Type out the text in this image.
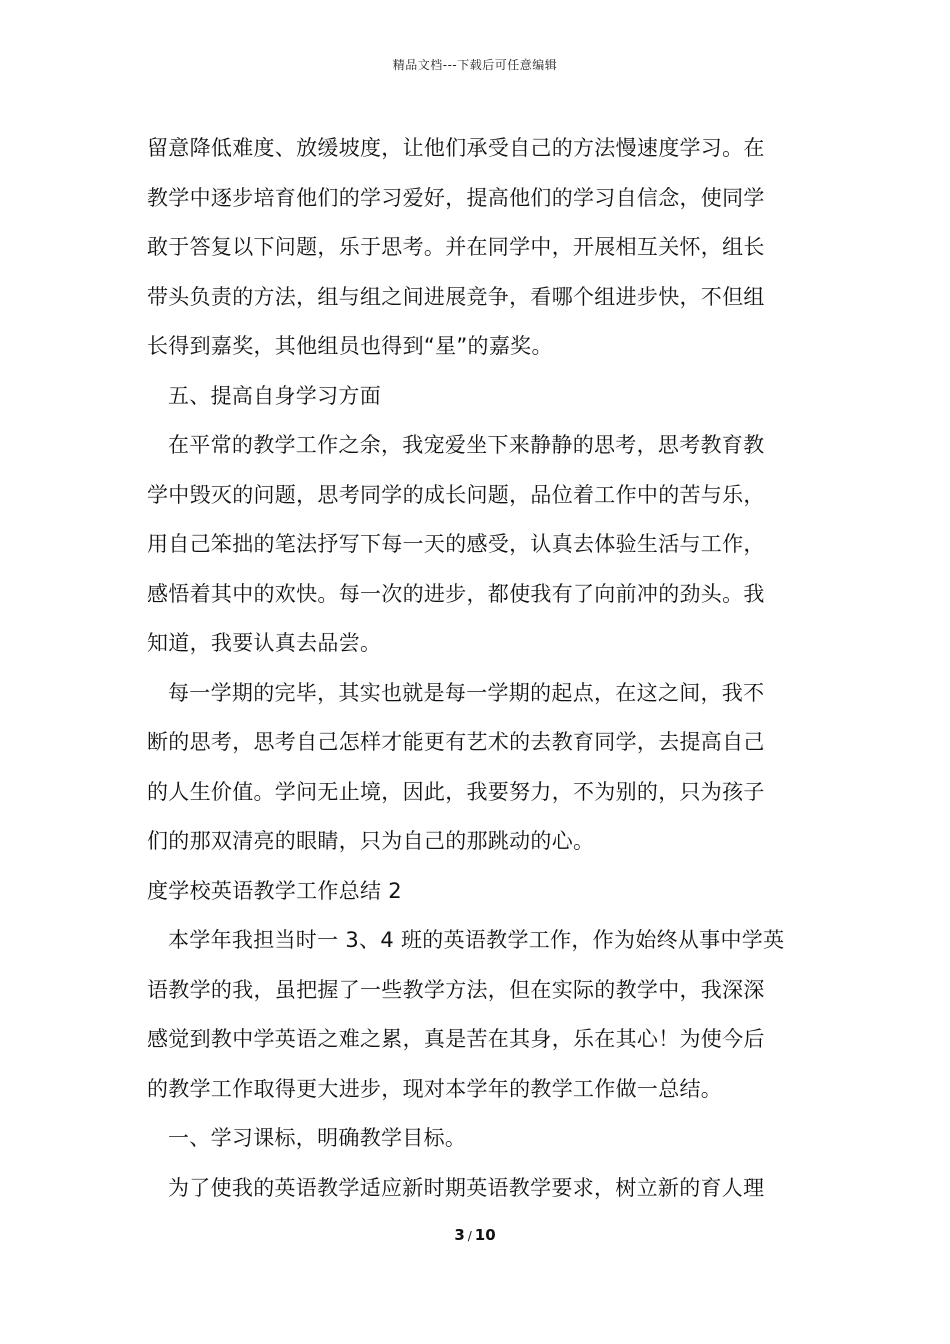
精品文档---下载后可任意编辑
留意降低难度、放缓坡度，让他们承受自己的方法慢速度学习。在
教学中逐步培育他们的学习爱好，提高他们的学习自信念，使同学
敢于答复以下问题，乐于思考。并在同学中，开展相互关怀，组长
带头负责的方法，组与组之间进展竞争，看哪个组进步快，不但组
长得到嘉奖，其他组员也得到“星”的嘉奖。
五、提高自身学习方面
在平常的教学工作之余，我宠爱坐下来静静的思考，思考教育教
学中毁灭的问题，思考同学的成长问题，品位着工作中的苦与乐，
用自己笨拙的笔法抒写下每一天的感受，认真去体验生活与工作，
感悟着其中的欢快。每一次的进步，都使我有了向前冲的劲头。我
知道，我要认真去品尝。
每一学期的完毕，其实也就是每一学期的起点，在这之间，我不
断的思考，思考自己怎样才能更有艺术的去教育同学，去提高自己
的人生价值。学问无止境，因此，我要努力，不为别的，只为孩子
们的那双清亮的眼睛，只为自己的那跳动的心。
度学校英语教学工作总结 2
本学年我担当时一 3、4 班的英语教学工作，作为始终从事中学英
语教学的我，虽把握了一些教学方法，但在实际的教学中，我深深
感觉到教中学英语之难之累，真是苦在其身，乐在其心！为使今后
的教学工作取得更大进步，现对本学年的教学工作做一总结。
一、学习课标，明确教学目标。
为了使我的英语教学适应新时期英语教学要求，树立新的育人理
3 / 10
